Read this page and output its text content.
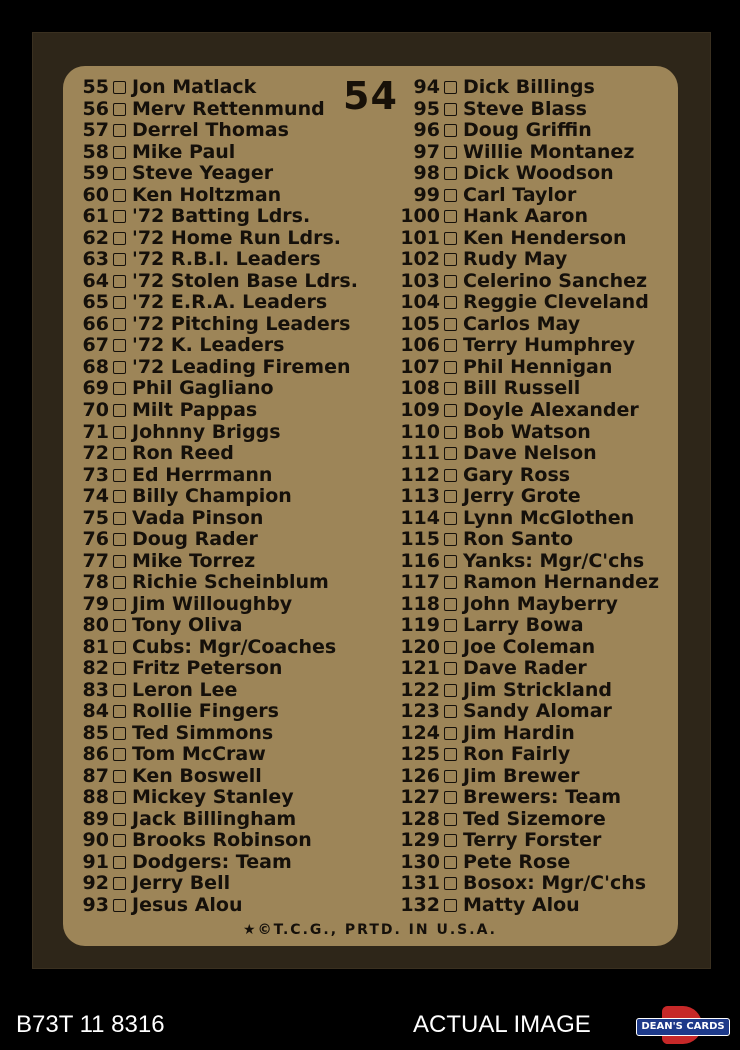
54
55 Jon Matlack
56 Merv Rettenmund
57 Derrel Thomas
58 Mike Paul
59 Steve Yeager
60 Ken Holtzman
61 '72 Batting Ldrs.
62 '72 Home Run Ldrs.
63 '72 R.B.I. Leaders
64 '72 Stolen Base Ldrs.
65 '72 E.R.A. Leaders
66 '72 Pitching Leaders
67 '72 K. Leaders
68 '72 Leading Firemen
69 Phil Gagliano
70 Milt Pappas
71 Johnny Briggs
72 Ron Reed
73 Ed Herrmann
74 Billy Champion
75 Vada Pinson
76 Doug Rader
77 Mike Torrez
78 Richie Scheinblum
79 Jim Willoughby
80 Tony Oliva
81 Cubs: Mgr/Coaches
82 Fritz Peterson
83 Leron Lee
84 Rollie Fingers
85 Ted Simmons
86 Tom McCraw
87 Ken Boswell
88 Mickey Stanley
89 Jack Billingham
90 Brooks Robinson
91 Dodgers: Team
92 Jerry Bell
93 Jesus Alou
94 Dick Billings
95 Steve Blass
96 Doug Griffin
97 Willie Montanez
98 Dick Woodson
99 Carl Taylor
100 Hank Aaron
101 Ken Henderson
102 Rudy May
103 Celerino Sanchez
104 Reggie Cleveland
105 Carlos May
106 Terry Humphrey
107 Phil Hennigan
108 Bill Russell
109 Doyle Alexander
110 Bob Watson
111 Dave Nelson
112 Gary Ross
113 Jerry Grote
114 Lynn McGlothen
115 Ron Santo
116 Yanks: Mgr/C'chs
117 Ramon Hernandez
118 John Mayberry
119 Larry Bowa
120 Joe Coleman
121 Dave Rader
122 Jim Strickland
123 Sandy Alomar
124 Jim Hardin
125 Ron Fairly
126 Jim Brewer
127 Brewers: Team
128 Ted Sizemore
129 Terry Forster
130 Pete Rose
131 Bosox: Mgr/C'chs
132 Matty Alou
★©T.C.G., PRTD. IN U.S.A.
B73T 11 8316	ACTUAL IMAGE	DEAN'S CARDS
